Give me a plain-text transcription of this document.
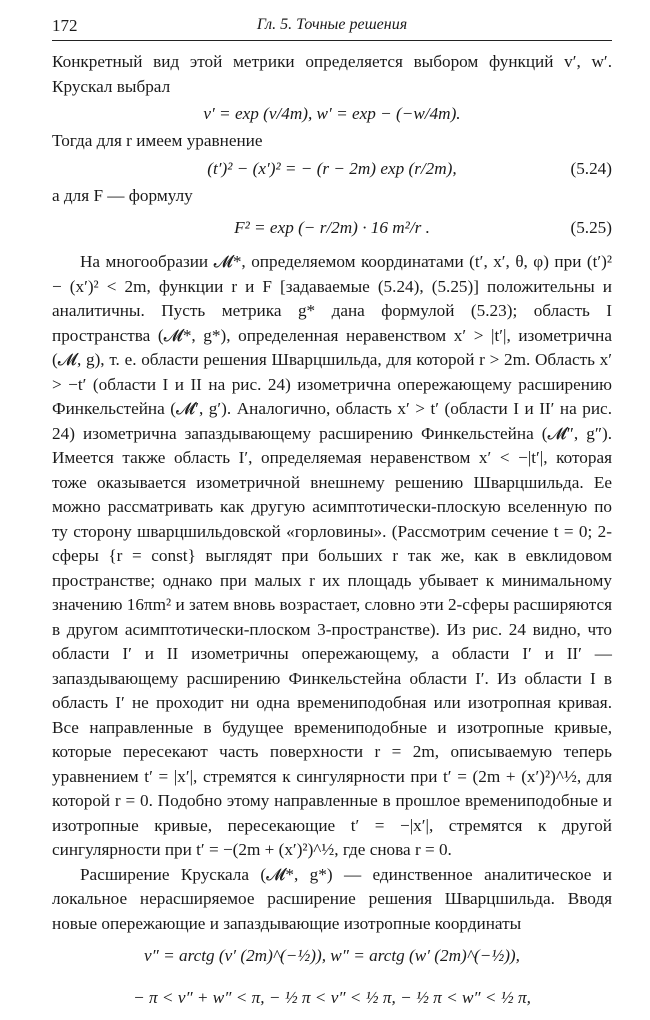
172	Гл. 5. Точные решения

Конкретный вид этой метрики определяется выбором функций v′, w′. Крускал выбрал

v′ = exp (v/4m), w′ = exp − (−w/4m).

Тогда для r имеем уравнение

(t′)² − (x′)² = − (r − 2m) exp (r/2m),	(5.24)

а для F — формулу

F² = exp (− r/2m) · 16 m²/r .	(5.25)

На многообразии 𝓜*, определяемом координатами (t′, x′, θ, φ) при (t′)² − (x′)² < 2m, функции r и F [задаваемые (5.24), (5.25)] положительны и аналитичны. Пусть метрика g* дана формулой (5.23); область I пространства (𝓜*, g*), определенная неравенством x′ > |t′|, изометрична (𝓜, g), т. е. области решения Шварцшильда, для которой r > 2m. Область x′ > −t′ (области I и II на рис. 24) изометрична опережающему расширению Финкельстейна (𝓜′, g′). Аналогично, область x′ > t′ (области I и II′ на рис. 24) изометрична запаздывающему расширению Финкельстейна (𝓜″, g″). Имеется также область I′, определяемая неравенством x′ < −|t′|, которая тоже оказывается изометричной внешнему решению Шварцшильда. Ее можно рассматривать как другую асимптотически-плоскую вселенную по ту сторону шварцшильдовской «горловины». (Рассмотрим сечение t = 0; 2-сферы {r = const} выглядят при больших r так же, как в евклидовом пространстве; однако при малых r их площадь убывает к минимальному значению 16πm² и затем вновь возрастает, словно эти 2-сферы расширяются в другом асимптотически-плоском 3-пространстве). Из рис. 24 видно, что области I′ и II изометричны опережающему, а области I′ и II′ — запаздывающему расширению Финкельстейна области I′. Из области I в область I′ не проходит ни одна времениподобная или изотропная кривая. Все направленные в будущее времениподобные и изотропные кривые, которые пересекают часть поверхности r = 2m, описываемую теперь уравнением t′ = |x′|, стремятся к сингулярности при t′ = (2m + (x′)²)^½, для которой r = 0. Подобно этому направленные в прошлое времениподобные и изотропные кривые, пересекающие t′ = −|x′|, стремятся к другой сингулярности при t′ = −(2m + (x′)²)^½, где снова r = 0.

Расширение Крускала (𝓜*, g*) — единственное аналитическое и локальное нерасширяемое расширение решения Шварцшильда. Вводя новые опережающие и запаздывающие изотропные координаты

v″ = arctg (v′ (2m)^(−½)), w″ = arctg (w′ (2m)^(−½)),
− π < v″ + w″ < π, − ½ π < v″ < ½ π, − ½ π < w″ < ½ π,
